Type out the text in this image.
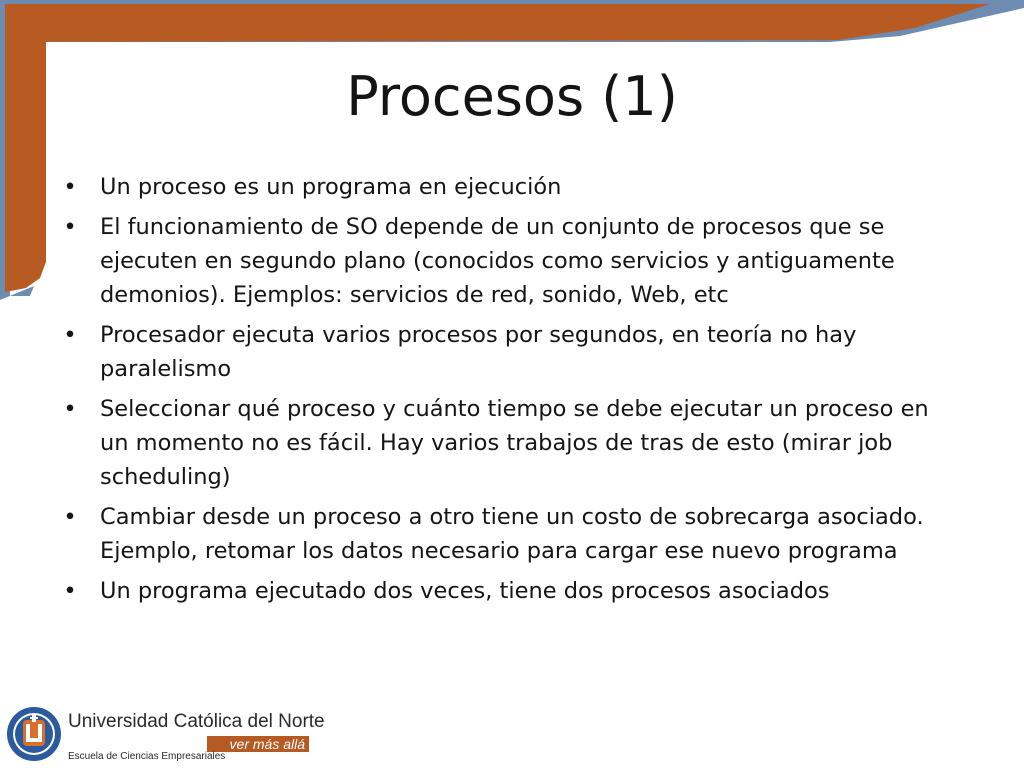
Procesos (1)
• Un proceso es un programa en ejecución
• El funcionamiento de SO depende de un conjunto de procesos que se ejecuten en segundo plano (conocidos como servicios y antiguamente demonios). Ejemplos: servicios de red, sonido, Web, etc
• Procesador ejecuta varios procesos por segundos, en teoría no hay paralelismo
• Seleccionar qué proceso y cuánto tiempo se debe ejecutar un proceso en un momento no es fácil. Hay varios trabajos de tras de esto (mirar job scheduling)
• Cambiar desde un proceso a otro tiene un costo de sobrecarga asociado. Ejemplo, retomar los datos necesario para cargar ese nuevo programa
• Un programa ejecutado dos veces, tiene dos procesos asociados
Universidad Católica del Norte
ver más allá
Escuela de Ciencias Empresariales
